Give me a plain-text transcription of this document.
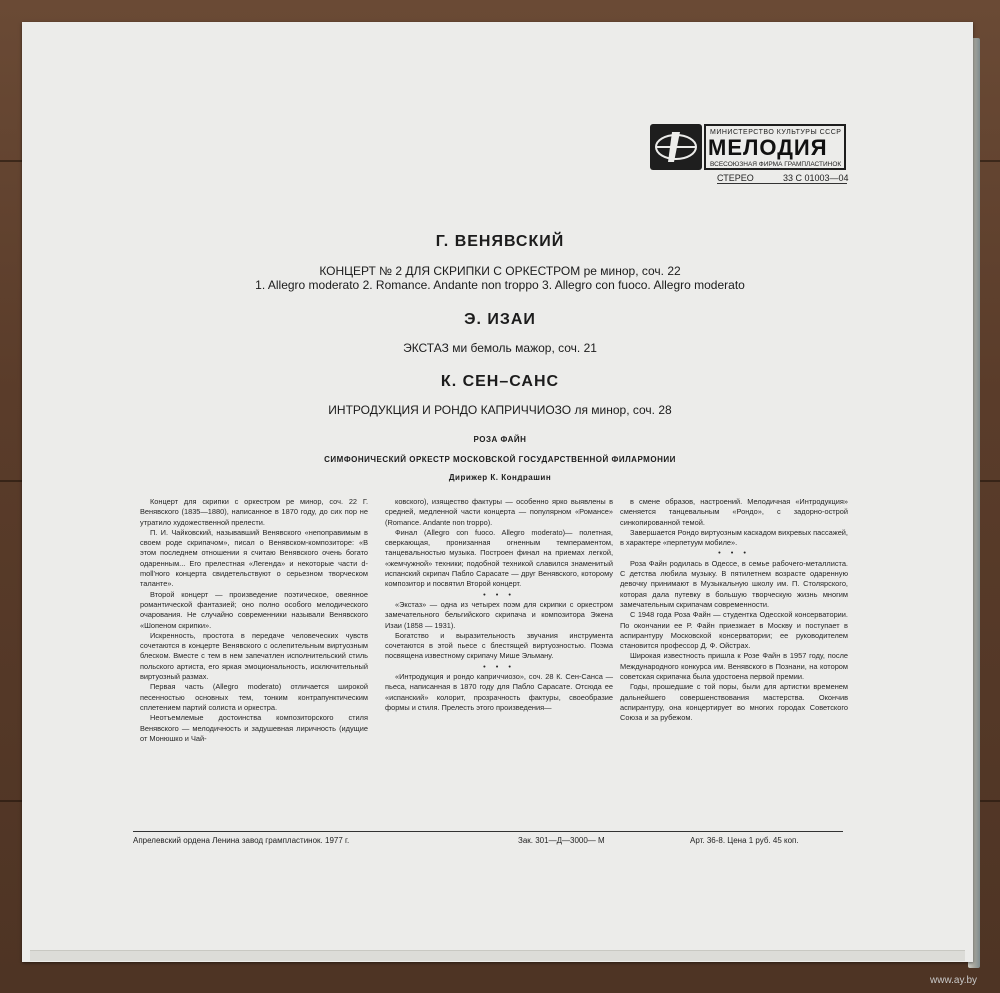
МИНИСТЕРСТВО КУЛЬТУРЫ СССР
МЕЛОДИЯ
ВСЕСОЮЗНАЯ ФИРМА ГРАМПЛАСТИНОК
СТЕРЕО	33 С 01003—04
Г. ВЕНЯВСКИЙ
КОНЦЕРТ № 2 ДЛЯ СКРИПКИ С ОРКЕСТРОМ ре минор, соч. 22
1. Allegro moderato 2. Romance. Andante non troppo 3. Allegro con fuoco. Allegro moderato
Э. ИЗАИ
ЭКСТАЗ ми бемоль мажор, соч. 21
К. СЕН–САНС
ИНТРОДУКЦИЯ И РОНДО КАПРИЧЧИОЗО ля минор, соч. 28
РОЗА ФАЙН
СИМФОНИЧЕСКИЙ ОРКЕСТР МОСКОВСКОЙ ГОСУДАРСТВЕННОЙ ФИЛАРМОНИИ
Дирижер К. Кондрашин

Концерт для скрипки с оркестром ре минор, соч. 22 Г. Венявского (1835—1880), написанное в 1870 году, до сих пор не утратило художественной прелести.

П. И. Чайковский, называвший Венявского «непоправимым в своем роде скрипачом», писал о Венявском-композиторе: «В этом последнем отношении я считаю Венявского очень богато одаренным... Его прелестная «Легенда» и некоторые части d-moll'ного концерта свидетельствуют о серьезном творческом таланте».

Второй концерт — произведение поэтическое, овеянное романтической фантазией; оно полно особого мелодического очарования. Не случайно современники называли Венявского «Шопеном скрипки».

Искренность, простота в передаче человеческих чувств сочетаются в концерте Венявского с ослепительным виртуозным блеском. Вместе с тем в нем запечатлен исполнительский стиль польского артиста, его яркая эмоциональность, исключительный виртуозный размах.

Первая часть (Allegro moderato) отличается широкой песенностью основных тем, тонким контрапунктическим сплетением партий солиста и оркестра.

Неотъемлемые достоинства композиторского стиля Венявского — мелодичность и задушевная лиричность (идущие от Монюшко и Чай-

ковского), изящество фактуры — особенно ярко выявлены в средней, медленной части концерта — популярном «Романсе» (Romance. Andante non troppo).

Финал (Allegro con fuoco. Allegro moderato)— полетная, сверкающая, пронизанная огненным темпераментом, танцевальностью музыка. Построен финал на приемах легкой, «жемчужной» техники; подобной техникой славился знаменитый испанский скрипач Пабло Сарасате — друг Венявского, которому композитор и посвятил Второй концерт.

• • •

«Экстаз» — одна из четырех поэм для скрипки с оркестром замечательного бельгийского скрипача и композитора Эжена Изаи (1858 — 1931).

Богатство и выразительность звучания инструмента сочетаются в этой пьесе с блестящей виртуозностью. Поэма посвящена известному скрипачу Мише Эльману.

• • •

«Интродукция и рондо каприччиозо», соч. 28 К. Сен-Санса — пьеса, написанная в 1870 году для Пабло Сарасате. Отсюда ее «испанский» колорит, прозрачность фактуры, своеобразие формы и стиля. Прелесть этого произведения—

в смене образов, настроений. Мелодичная «Интродукция» сменяется танцевальным «Рондо», с задорно-острой синкопированной темой.

Завершается Рондо виртуозным каскадом вихревых пассажей, в характере «перпетуум мобиле».

• • •

Роза Файн родилась в Одессе, в семье рабочего-металлиста. С детства любила музыку. В пятилетнем возрасте одаренную девочку принимают в Музыкальную школу им. П. Столярского, которая дала путевку в большую творческую жизнь многим замечательным скрипачам современности.

С 1948 года Роза Файн — студентка Одесской консерватории. По окончании ее Р. Файн приезжает в Москву и поступает в аспирантуру Московской консерватории; ее руководителем становится профессор Д. Ф. Ойстрах.

Широкая известность пришла к Розе Файн в 1957 году, после Международного конкурса им. Венявского в Познани, на котором советская скрипачка была удостоена первой премии.

Годы, прошедшие с той поры, были для артистки временем дальнейшего совершенствования мастерства. Окончив аспирантуру, она концертирует во многих городах Советского Союза и за рубежом.

Апрелевский ордена Ленина завод грампластинок. 1977 г.	Зак. 301—Д—3000— М	Арт. 36-8. Цена 1 руб. 45 коп.
www.ay.by
